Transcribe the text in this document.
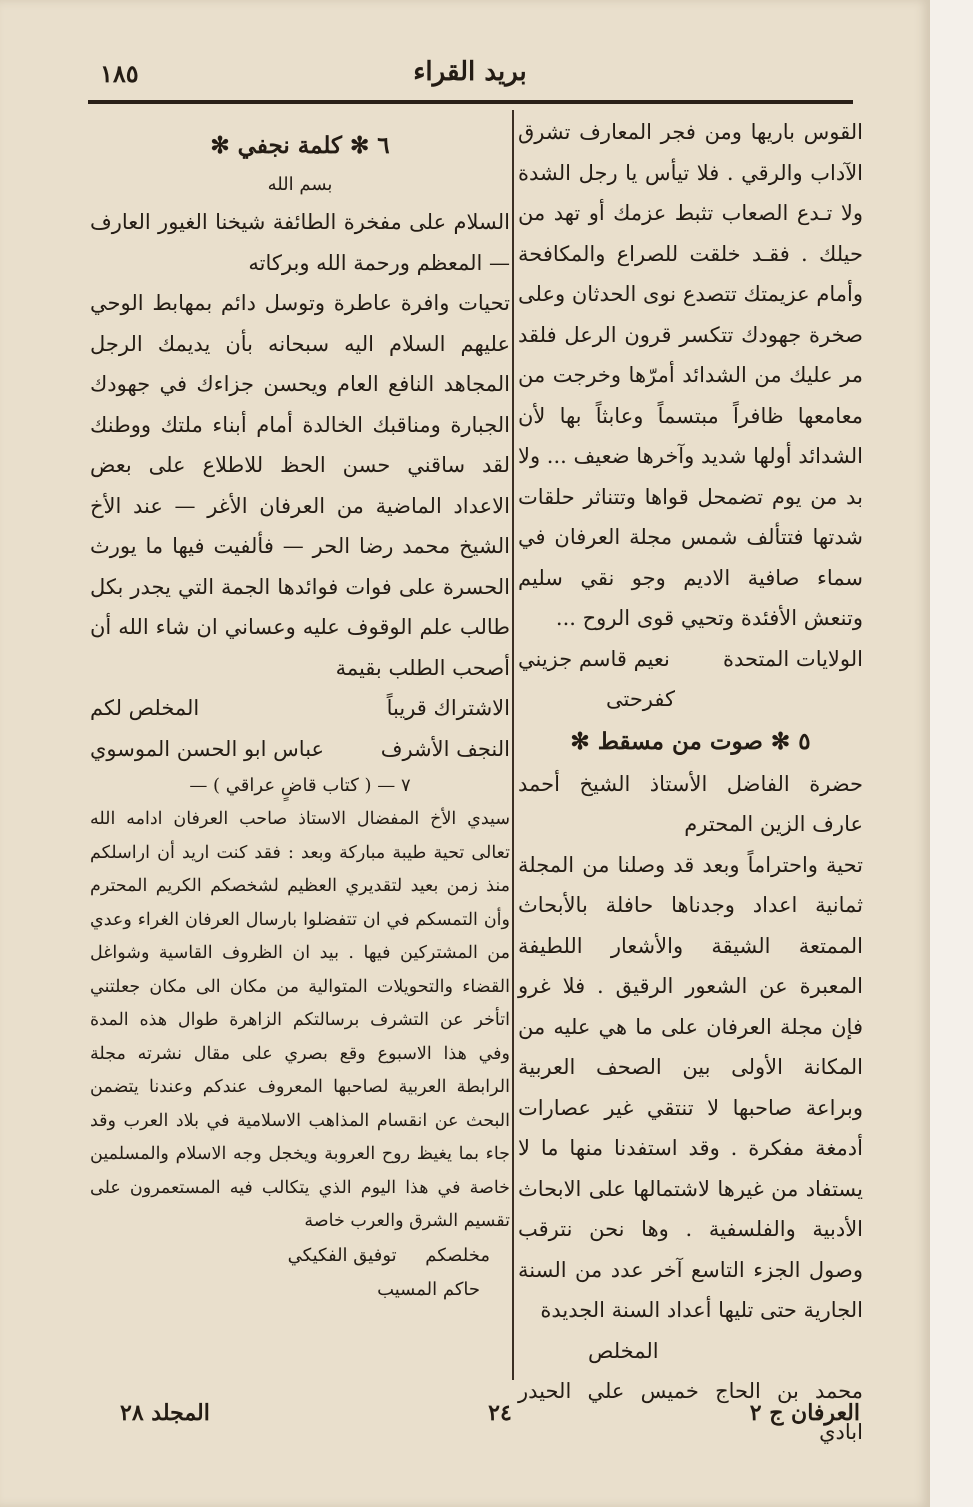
بريد القراء
١٨٥

القوس باريها ومن فجر المعارف تشرق الآداب والرقي . فلا تيأس يا رجل الشدة ولا تـدع الصعاب تثبط عزمك أو تهد من حيلك . فقـد خلقت للصراع والمكافحة وأمام عزيمتك تتصدع نوى الحدثان وعلى صخرة جهودك تتكسر قرون الرعل فلقد مر عليك من الشدائد أمرّها وخرجت من معامعها ظافراً مبتسماً وعابثاً بها لأن الشدائد أولها شديد وآخرها ضعيف ... ولا بد من يوم تضمحل قواها وتتناثر حلقات شدتها فتتألف شمس مجلة العرفان في سماء صافية الاديم وجو نقي سليم وتنعش الأفئدة وتحيي قوى الروح ...

الولايات المتحدة
نعيم قاسم جزيني
كفرحتى
٥ ✻ صوت من مسقط ✻

حضرة الفاضل الأستاذ الشيخ أحمد عارف الزين المحترم

تحية واحتراماً وبعد قد وصلنا من المجلة ثمانية اعداد وجدناها حافلة بالأبحاث الممتعة الشيقة والأشعار اللطيفة المعبرة عن الشعور الرقيق . فلا غرو فإن مجلة العرفان على ما هي عليه من المكانة الأولى بين الصحف العربية وبراعة صاحبها لا تنتقي غير عصارات أدمغة مفكرة . وقد استفدنا منها ما لا يستفاد من غيرها لاشتمالها على الابحاث الأدبية والفلسفية . وها نحن نترقب وصول الجزء التاسع آخر عدد من السنة الجارية حتى تليها أعداد السنة الجديدة

المخلص
محمد بن الحاج خميس علي الحيدر ابادي
٦ ✻ كلمة نجفي ✻
بسم الله

السلام على مفخرة الطائفة شيخنا الغيور العارف — المعظم ورحمة الله وبركاته

تحيات وافرة عاطرة وتوسل دائم بمهابط الوحي عليهم السلام اليه سبحانه بأن يديمك الرجل المجاهد النافع العام ويحسن جزاءك في جهودك الجبارة ومناقبك الخالدة أمام أبناء ملتك ووطنك لقد ساقني حسن الحظ للاطلاع على بعض الاعداد الماضية من العرفان الأغر — عند الأخ الشيخ محمد رضا الحر — فألفيت فيها ما يورث الحسرة على فوات فوائدها الجمة التي يجدر بكل طالب علم الوقوف عليه وعساني ان شاء الله أن أصحب الطلب بقيمة

الاشتراك قريباً
المخلص لكم
النجف الأشرف
عباس ابو الحسن الموسوي
٧ — ( كتاب قاضٍ عراقي ) —

سيدي الأخ المفضال الاستاذ صاحب العرفان ادامه الله تعالى تحية طيبة مباركة وبعد : فقد كنت اريد أن اراسلكم منذ زمن بعيد لتقديري العظيم لشخصكم الكريم المحترم وأن التمسكم في ان تتفضلوا بارسال العرفان الغراء وعدي من المشتركين فيها . بيد ان الظروف القاسية وشواغل القضاء والتحويلات المتوالية من مكان الى مكان جعلتني اتأخر عن التشرف برسالتكم الزاهرة طوال هذه المدة وفي هذا الاسبوع وقع بصري على مقال نشرته مجلة الرابطة العربية لصاحبها المعروف عندكم وعندنا يتضمن البحث عن انقسام المذاهب الاسلامية في بلاد العرب وقد جاء بما يغيظ روح العروبة ويخجل وجه الاسلام والمسلمين خاصة في هذا اليوم الذي يتكالب فيه المستعمرون على تقسيم الشرق والعرب خاصة

مخلصكم     توفيق الفكيكي
حاكم المسيب
العرفان ج ٢
٢٤
المجلد ٢٨
